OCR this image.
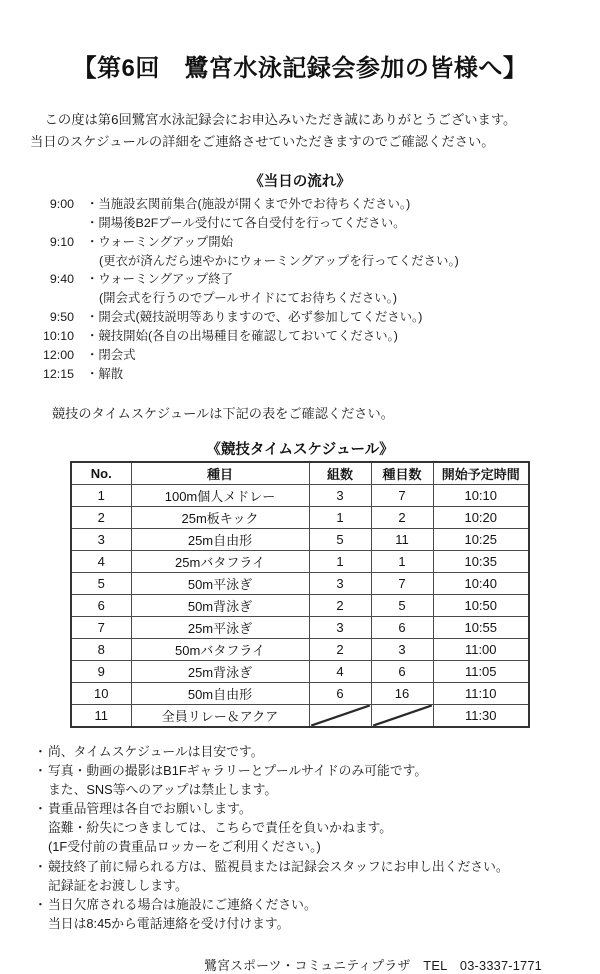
【第6回　鷺宮水泳記録会参加の皆様へ】

この度は第6回鷺宮水泳記録会にお申込みいただき誠にありがとうございます。
当日のスケジュールの詳細をご連絡させていただきますのでご確認ください。

《当日の流れ》
9:00 ・当施設玄関前集合(施設が開くまで外でお待ちください。)
・開場後B2Fプール受付にて各自受付を行ってください。
9:10 ・ウォーミングアップ開始
(更衣が済んだら速やかにウォーミングアップを行ってください。)
9:40 ・ウォーミングアップ終了
(開会式を行うのでプールサイドにてお待ちください。)
9:50 ・開会式(競技説明等ありますので、必ず参加してください。)
10:10 ・競技開始(各自の出場種目を確認しておいてください。)
12:00 ・閉会式
12:15 ・解散
競技のタイムスケジュールは下記の表をご確認ください。
《競技タイムスケジュール》
No.	種目	組数	種目数	開始予定時間
1	100m個人メドレー	3	7	10:10
2	25m板キック	1	2	10:20
3	25m自由形	5	11	10:25
4	25mバタフライ	1	1	10:35
5	50m平泳ぎ	3	7	10:40
6	50m背泳ぎ	2	5	10:50
7	25m平泳ぎ	3	6	10:55
8	50mバタフライ	2	3	11:00
9	25m背泳ぎ	4	6	11:05
10	50m自由形	6	16	11:10
11	全員リレー＆アクア			11:30
・ 尚、タイムスケジュールは目安です。
・ 写真・動画の撮影はB1Fギャラリーとプールサイドのみ可能です。
また、SNS等へのアップは禁止します。
・ 貴重品管理は各自でお願いします。
盗難・紛失につきましては、こちらで責任を負いかねます。
(1F受付前の貴重品ロッカーをご利用ください。)
・ 競技終了前に帰られる方は、監視員または記録会スタッフにお申し出ください。
記録証をお渡しします。
・ 当日欠席される場合は施設にご連絡ください。
当日は8:45から電話連絡を受け付けます。
鷺宮スポーツ・コミュニティプラザ　TEL　03-3337-1771
